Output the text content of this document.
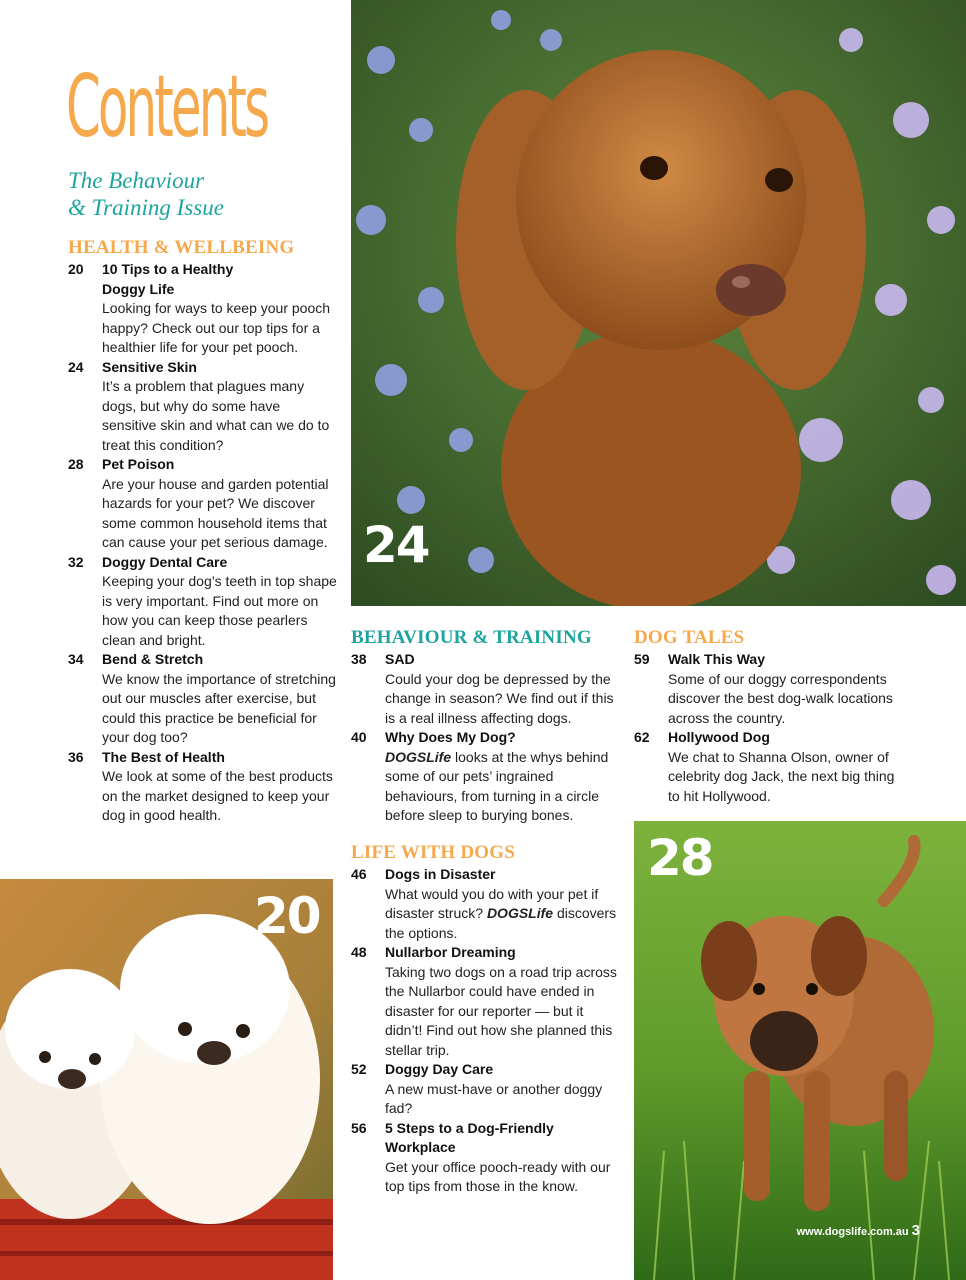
Contents
The Behaviour
& Training Issue
HEALTH & WELLBEING
20 10 Tips to a Healthy
Doggy Life
Looking for ways to keep your pooch happy? Check out our top tips for a healthier life for your pet pooch.
24 Sensitive Skin
It’s a problem that plagues many dogs, but why do some have sensitive skin and what can we do to treat this condition?
28 Pet Poison
Are your house and garden potential hazards for your pet? We discover some common household items that can cause your pet serious damage.
32 Doggy Dental Care
Keeping your dog’s teeth in top shape is very important. Find out more on how you can keep those pearlers clean and bright.
34 Bend & Stretch
We know the importance of stretching out our muscles after exercise, but could this practice be beneficial for your dog too?
36 The Best of Health
We look at some of the best products on the market designed to keep your dog in good health.
24
BEHAVIOUR & TRAINING
38 SAD
Could your dog be depressed by the change in season? We find out if this is a real illness affecting dogs.
40 Why Does My Dog?
DOGSLife looks at the whys behind some of our pets’ ingrained behaviours, from turning in a circle before sleep to burying bones.
LIFE WITH DOGS
46 Dogs in Disaster
What would you do with your pet if disaster struck? DOGSLife discovers the options.
48 Nullarbor Dreaming
Taking two dogs on a road trip across the Nullarbor could have ended in disaster for our reporter — but it didn’t! Find out how she planned this stellar trip.
52 Doggy Day Care
A new must-have or another doggy fad?
56 5 Steps to a Dog-Friendly
Workplace
Get your office pooch-ready with our top tips from those in the know.
DOG TALES
59 Walk This Way
Some of our doggy correspondents discover the best dog-walk locations across the country.
62 Hollywood Dog
We chat to Shanna Olson, owner of celebrity dog Jack, the next big thing to hit Hollywood.
20
28
www.dogslife.com.au 3
